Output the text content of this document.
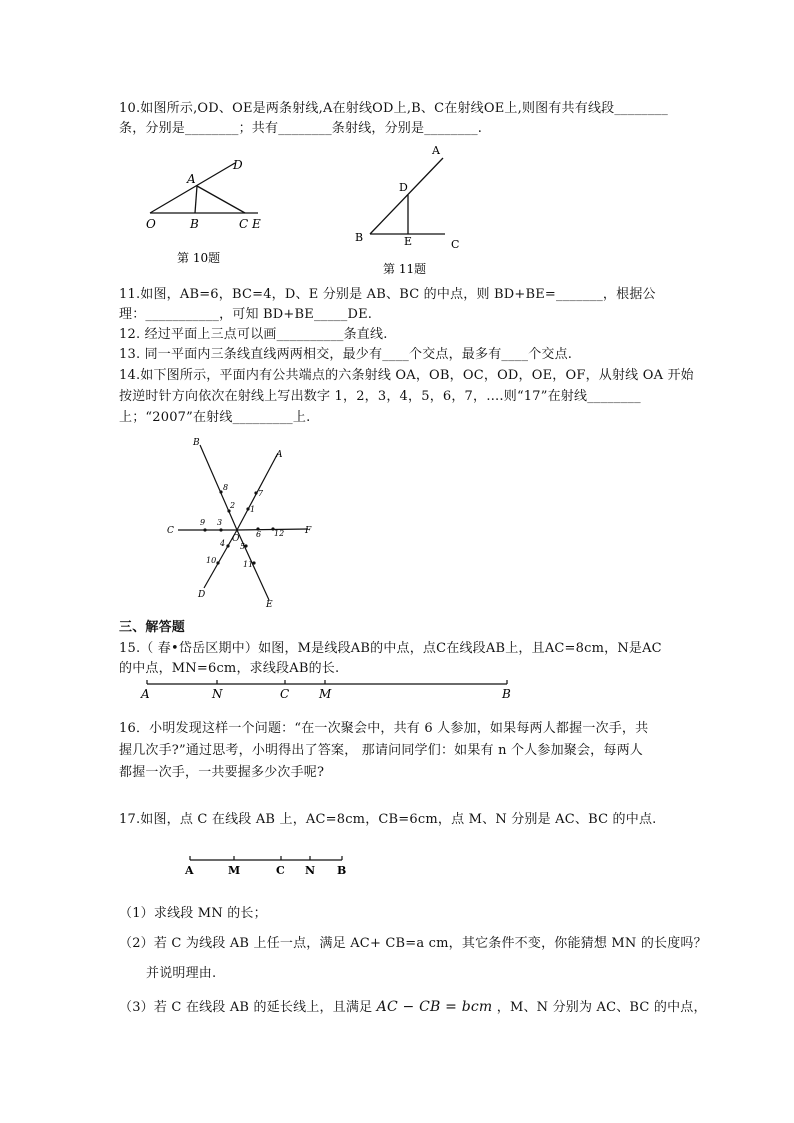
10.如图所示,OD、OE是两条射线,A在射线OD上,B、C在射线OE上,则图有共有线段________
条，分别是________；共有________条射线，分别是________.
D
A
O	B	C E
第 10题
A
D
B	E	C
第 11题
11.如图，AB=6，BC=4，D、E 分别是 AB、BC 的中点，则 BD+BE=_______，根据公
理：___________，可知 BD+BE_____DE.
12. 经过平面上三点可以画__________条直线.
13. 同一平面内三条线直线两两相交，最少有____个交点，最多有____个交点.
14.如下图所示，平面内有公共端点的六条射线 OA，OB，OC，OD，OE，OF，从射线 OA 开始
按逆时针方向依次在射线上写出数字 1，2，3，4，5，6，7，….则“17”在射线________
上；“2007”在射线_________上.
B
A
C	F
O
D
E
1
7
2
8
3
9
4
10
5
11
6 12
三、解答题
15.（ 春•岱岳区期中）如图，M是线段AB的中点，点C在线段AB上，且AC=8cm，N是AC
的中点，MN=6cm，求线段AB的长.
A	N	C M	B
16．小明发现这样一个问题：“在一次聚会中，共有 6 人参加，如果每两人都握一次手，共
握几次手?”通过思考，小明得出了答案， 那请问同学们：如果有 n 个人参加聚会，每两人
都握一次手，一共要握多少次手呢?
17.如图，点 C 在线段 AB 上，AC=8cm，CB=6cm，点 M、N 分别是 AC、BC 的中点.
A	M	C N B
（1）求线段 MN 的长；
（2）若 C 为线段 AB 上任一点，满足 AC+ CB=a cm，其它条件不变，你能猜想 MN 的长度吗？
并说明理由.
（3）若 C 在线段 AB 的延长线上，且满足 AC − CB = bcm ，M、N 分别为 AC、BC 的中点，
